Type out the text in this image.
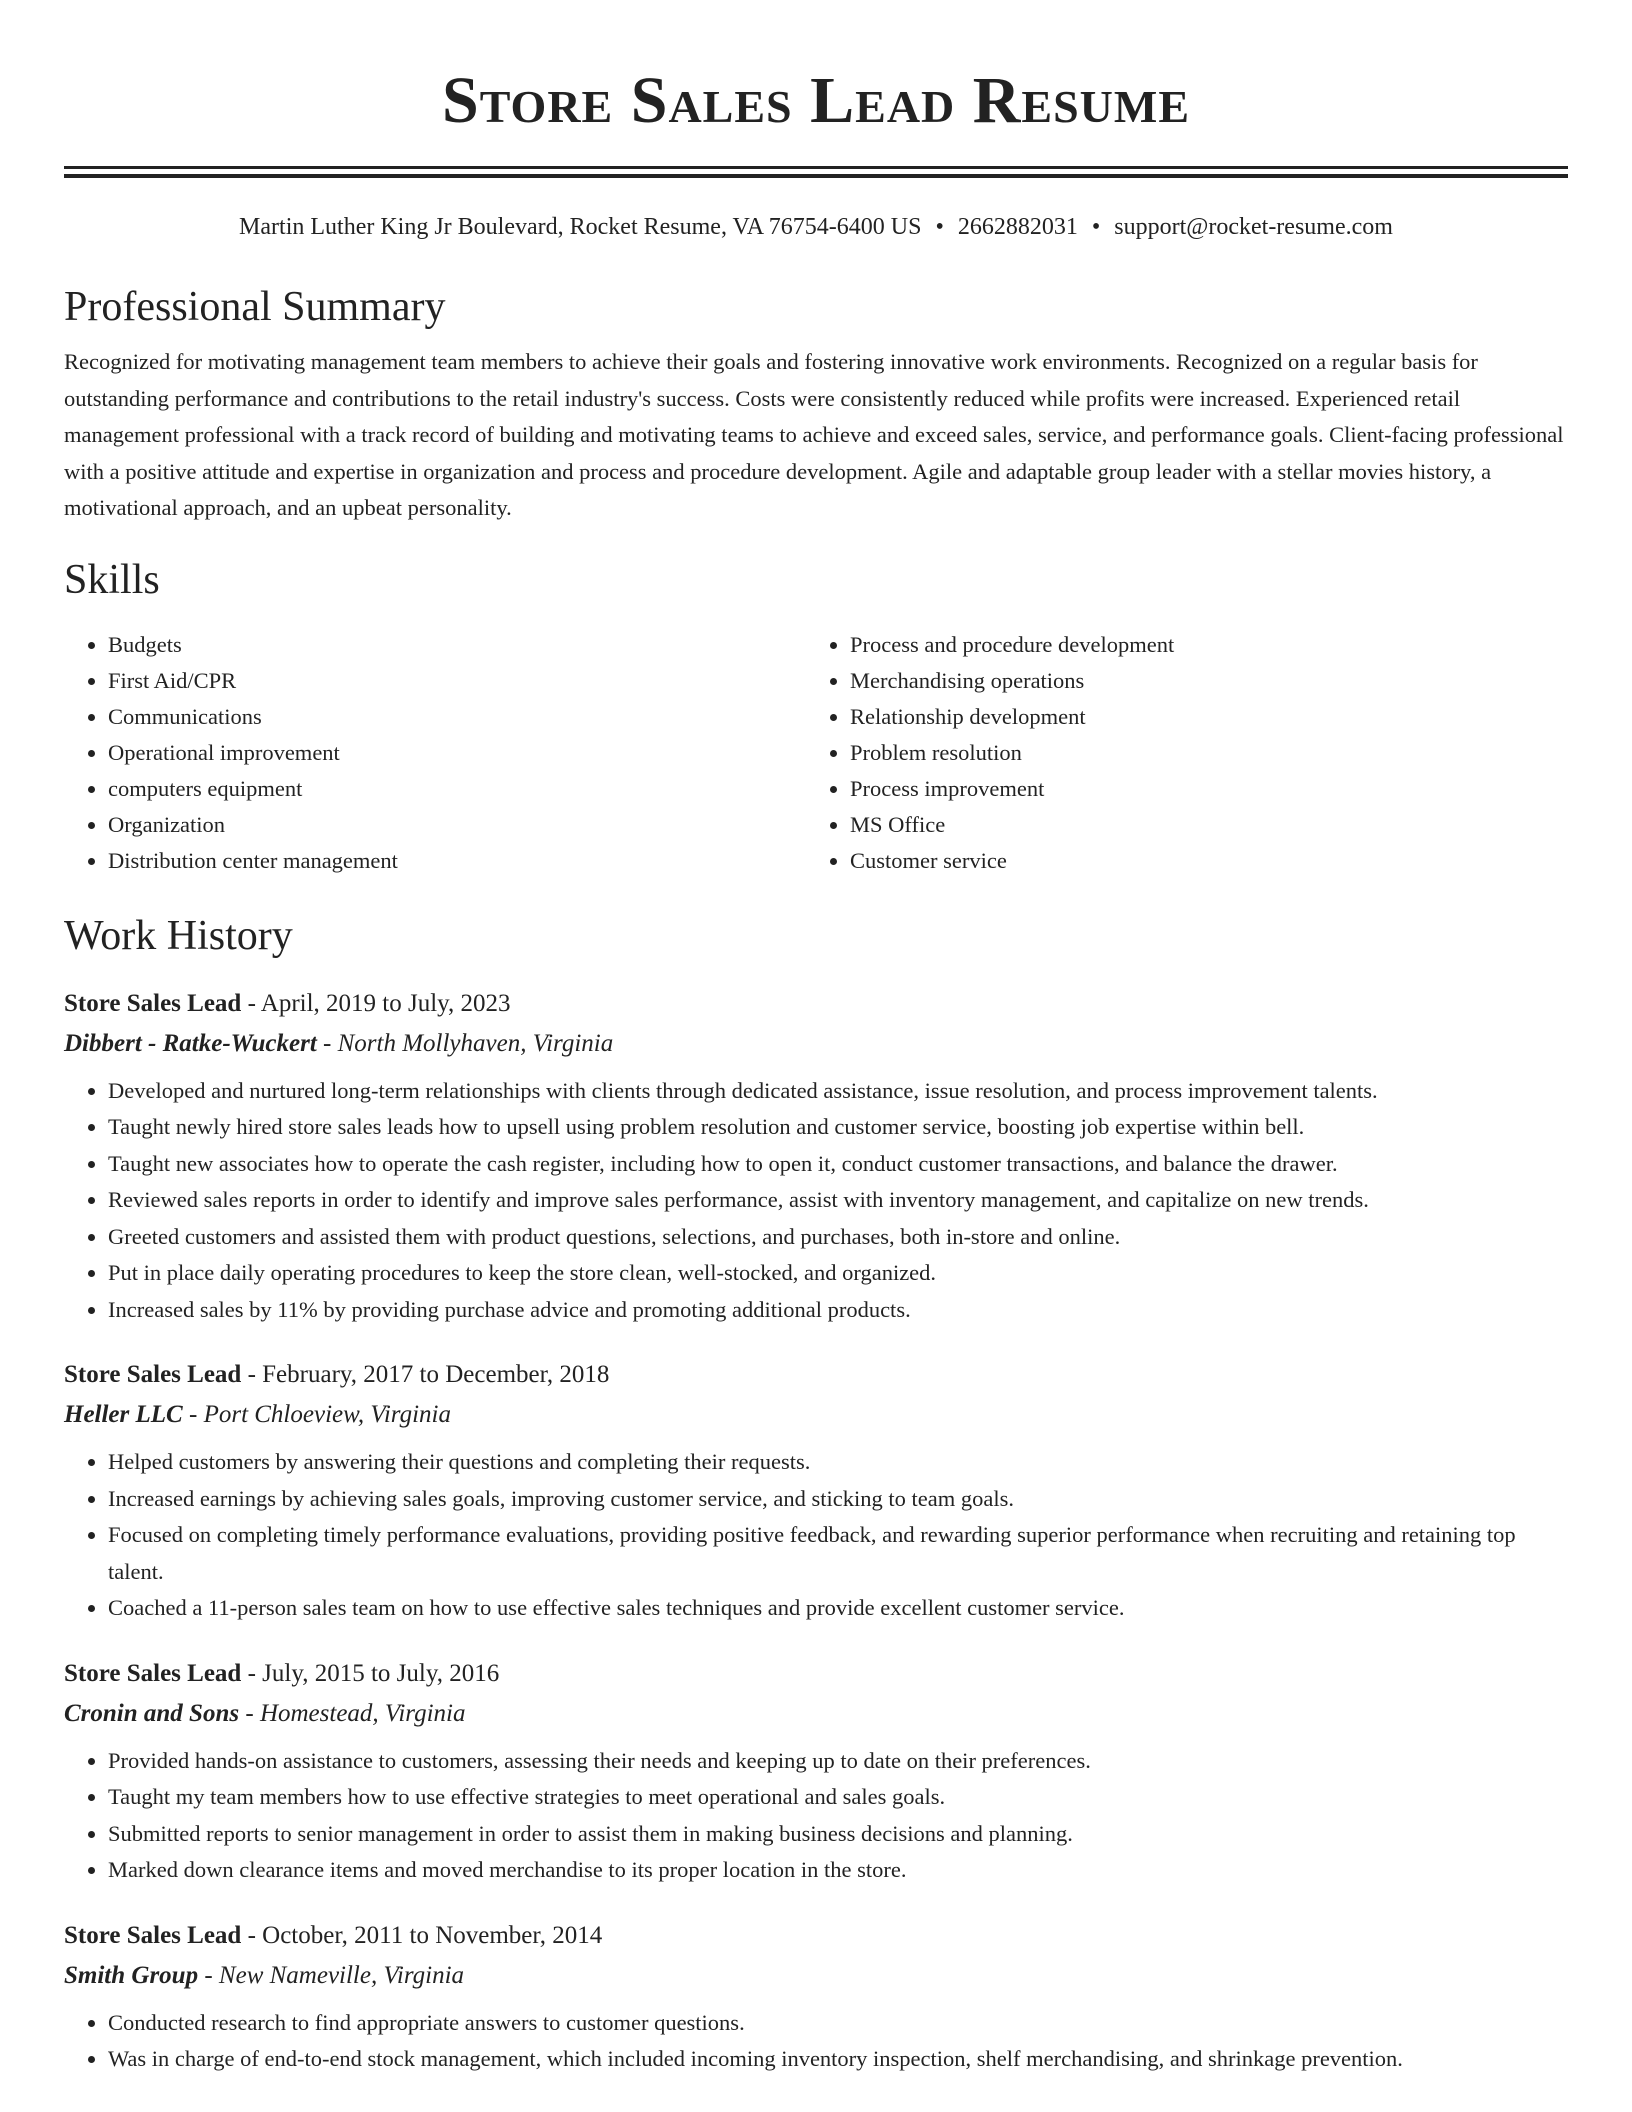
Store Sales Lead Resume
Martin Luther King Jr Boulevard, Rocket Resume, VA 76754-6400 US • 2662882031 • support@rocket-resume.com
Professional Summary

Recognized for motivating management team members to achieve their goals and fostering innovative work environments. Recognized on a regular basis for outstanding performance and contributions to the retail industry's success. Costs were consistently reduced while profits were increased. Experienced retail management professional with a track record of building and motivating teams to achieve and exceed sales, service, and performance goals. Client-facing professional with a positive attitude and expertise in organization and process and procedure development. Agile and adaptable group leader with a stellar movies history, a motivational approach, and an upbeat personality.

Skills
• Budgets
• First Aid/CPR
• Communications
• Operational improvement
• computers equipment
• Organization
• Distribution center management
• Process and procedure development
• Merchandising operations
• Relationship development
• Problem resolution
• Process improvement
• MS Office
• Customer service
Work History
Store Sales Lead - April, 2019 to July, 2023
Dibbert - Ratke-Wuckert - North Mollyhaven, Virginia
• Developed and nurtured long-term relationships with clients through dedicated assistance, issue resolution, and process improvement talents.
• Taught newly hired store sales leads how to upsell using problem resolution and customer service, boosting job expertise within bell.
• Taught new associates how to operate the cash register, including how to open it, conduct customer transactions, and balance the drawer.
• Reviewed sales reports in order to identify and improve sales performance, assist with inventory management, and capitalize on new trends.
• Greeted customers and assisted them with product questions, selections, and purchases, both in-store and online.
• Put in place daily operating procedures to keep the store clean, well-stocked, and organized.
• Increased sales by 11% by providing purchase advice and promoting additional products.
Store Sales Lead - February, 2017 to December, 2018
Heller LLC - Port Chloeview, Virginia
• Helped customers by answering their questions and completing their requests.
• Increased earnings by achieving sales goals, improving customer service, and sticking to team goals.
• Focused on completing timely performance evaluations, providing positive feedback, and rewarding superior performance when recruiting and retaining top talent.
• Coached a 11-person sales team on how to use effective sales techniques and provide excellent customer service.
Store Sales Lead - July, 2015 to July, 2016
Cronin and Sons - Homestead, Virginia
• Provided hands-on assistance to customers, assessing their needs and keeping up to date on their preferences.
• Taught my team members how to use effective strategies to meet operational and sales goals.
• Submitted reports to senior management in order to assist them in making business decisions and planning.
• Marked down clearance items and moved merchandise to its proper location in the store.
Store Sales Lead - October, 2011 to November, 2014
Smith Group - New Nameville, Virginia
• Conducted research to find appropriate answers to customer questions.
• Was in charge of end-to-end stock management, which included incoming inventory inspection, shelf merchandising, and shrinkage prevention.
